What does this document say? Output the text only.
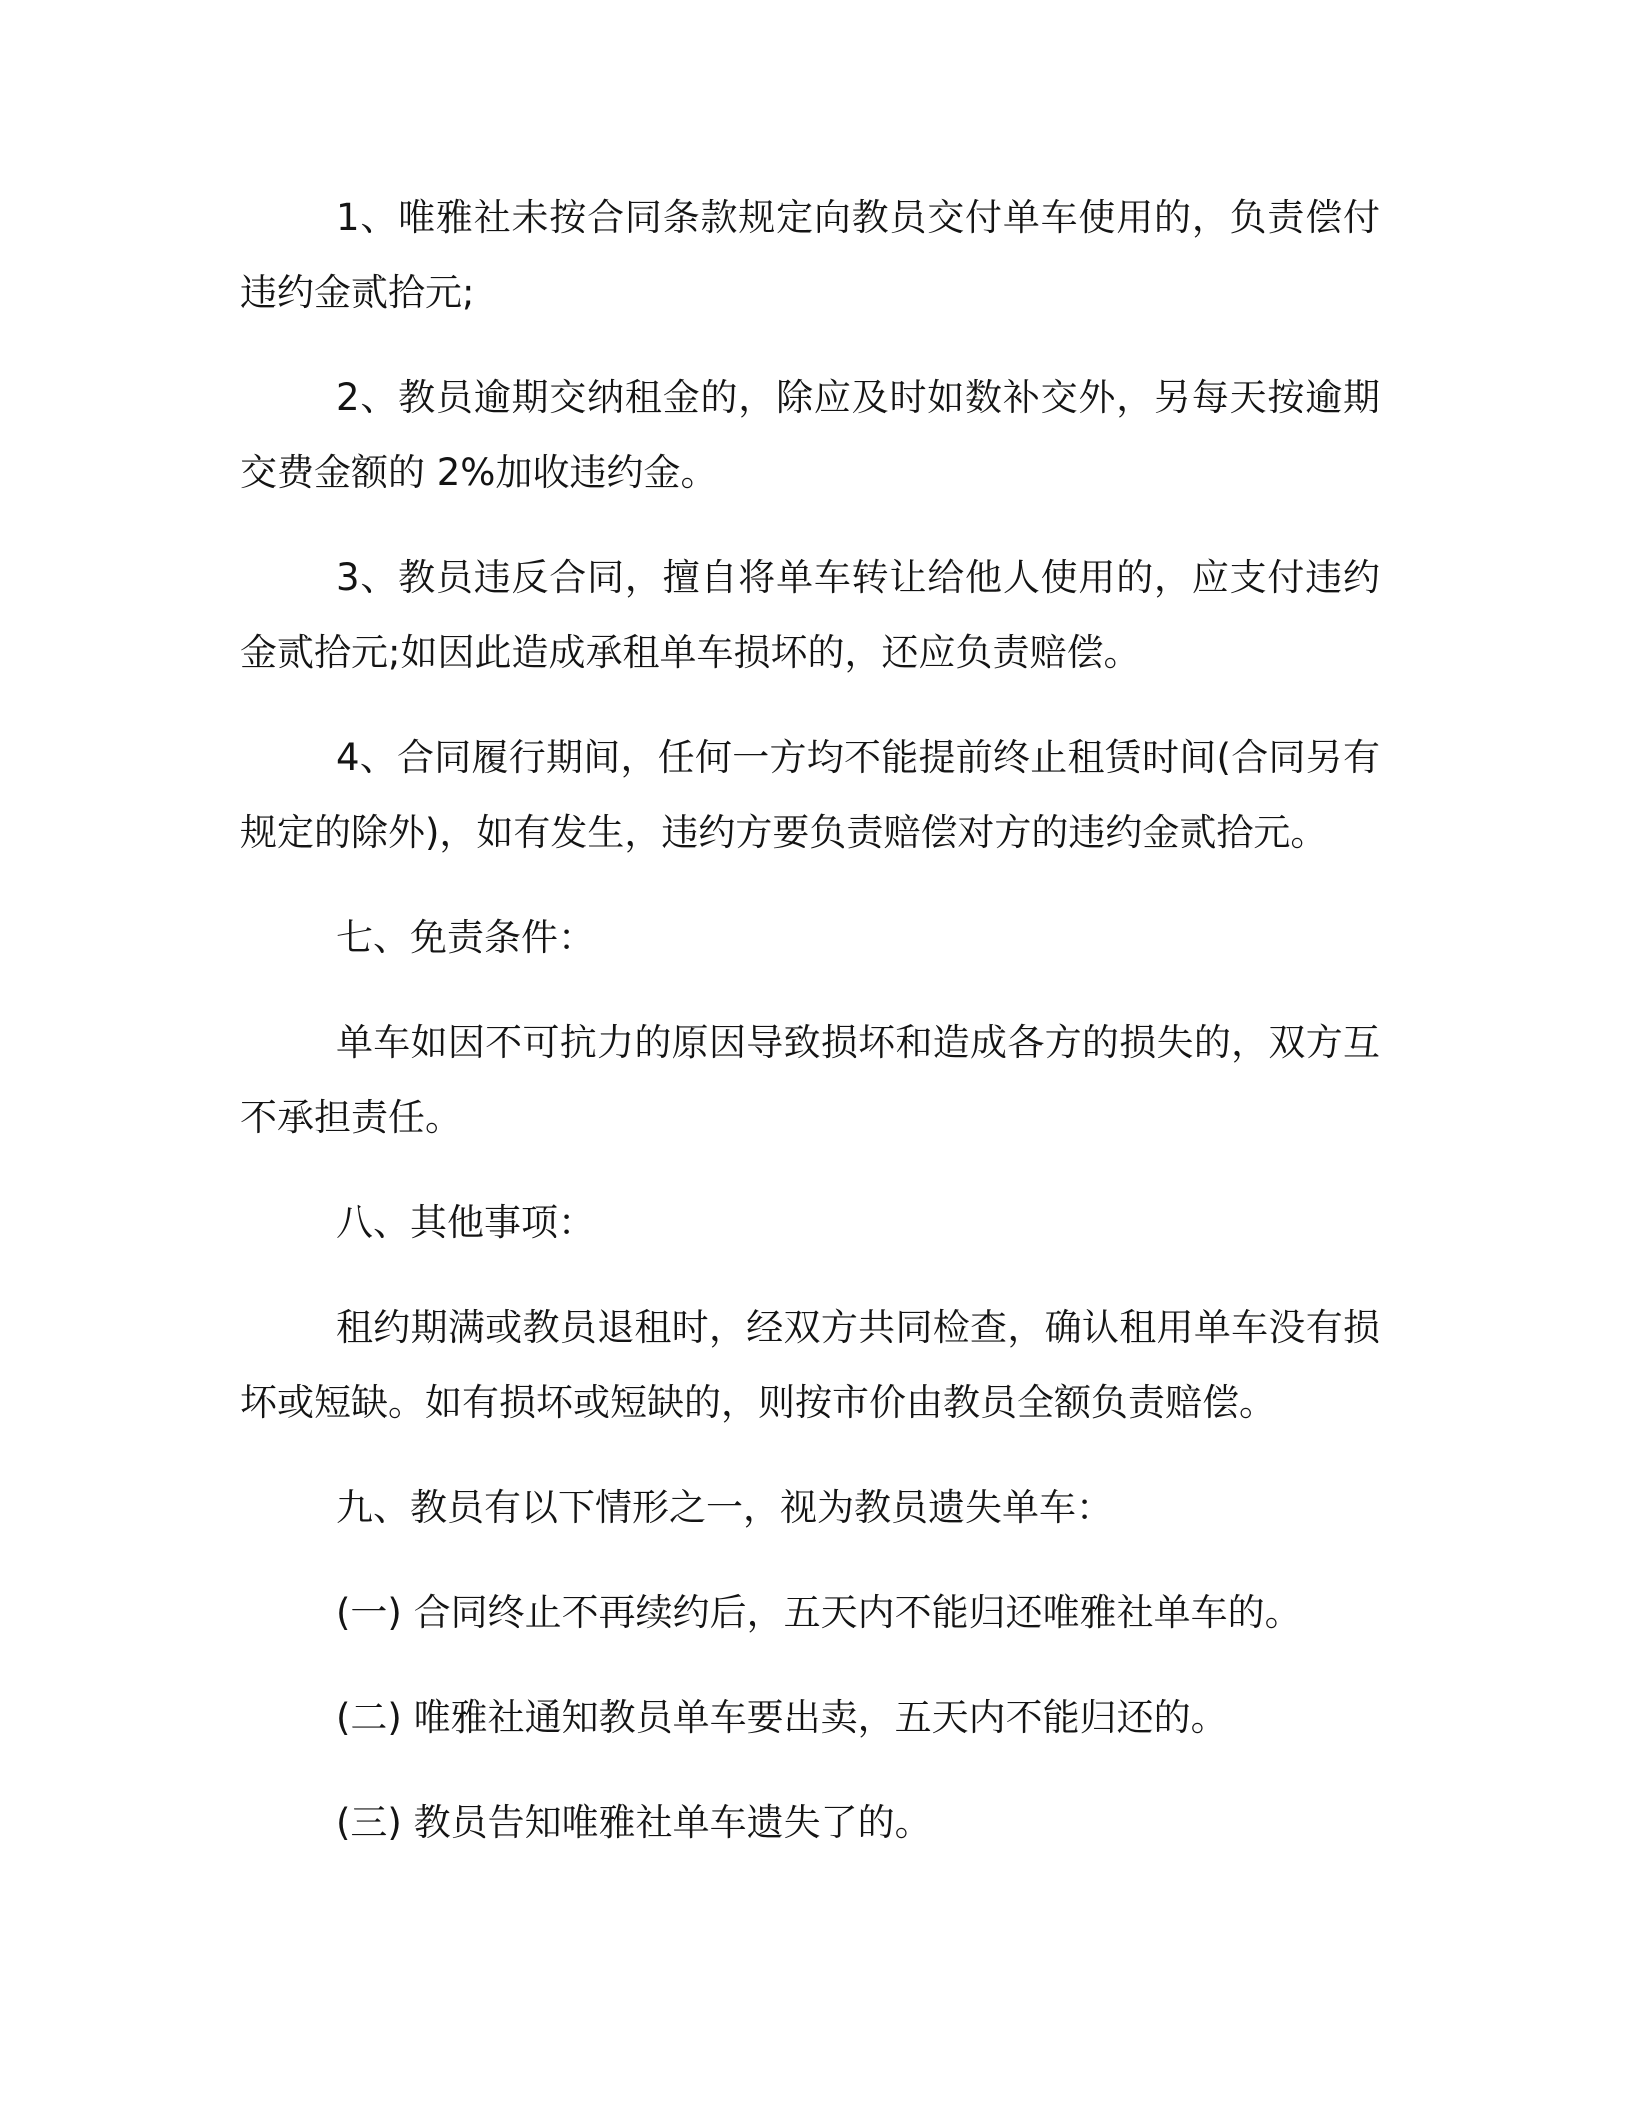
1、唯雅社未按合同条款规定向教员交付单车使用的，负责偿付违约金贰拾元;

2、教员逾期交纳租金的，除应及时如数补交外，另每天按逾期交费金额的 2%加收违约金。

3、教员违反合同，擅自将单车转让给他人使用的，应支付违约金贰拾元;如因此造成承租单车损坏的，还应负责赔偿。

4、合同履行期间，任何一方均不能提前终止租赁时间(合同另有规定的除外)，如有发生，违约方要负责赔偿对方的违约金贰拾元。

七、免责条件：

单车如因不可抗力的原因导致损坏和造成各方的损失的，双方互不承担责任。

八、其他事项：

租约期满或教员退租时，经双方共同检查，确认租用单车没有损坏或短缺。如有损坏或短缺的，则按市价由教员全额负责赔偿。

九、教员有以下情形之一，视为教员遗失单车：

(一) 合同终止不再续约后，五天内不能归还唯雅社单车的。

(二) 唯雅社通知教员单车要出卖，五天内不能归还的。

(三) 教员告知唯雅社单车遗失了的。
